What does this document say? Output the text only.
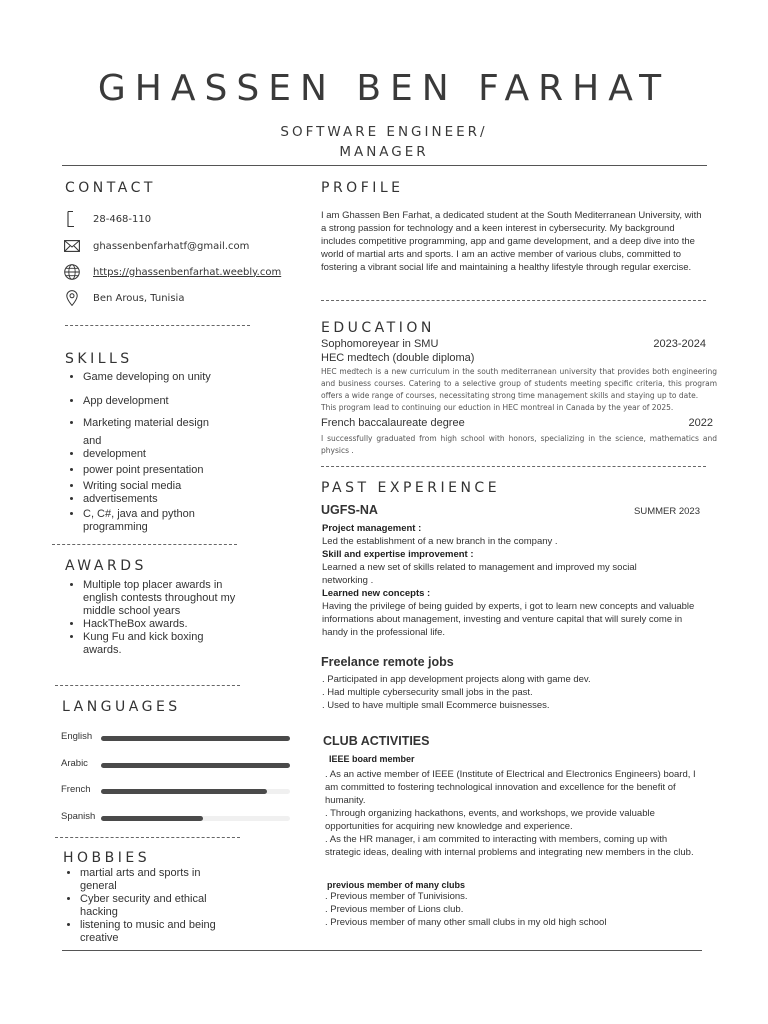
GHASSEN BEN FARHAT
SOFTWARE ENGINEER/
MANAGER
CONTACT
28-468-110
ghassenbenfarhatf@gmail.com
https://ghassenbenfarhat.weebly.com
Ben Arous, Tunisia
SKILLS
• Game developing on unity
• App development
• Marketing material design
and
• development
• power point presentation
• Writing social media
• advertisements
• C, C#, java and python programming
AWARDS
• Multiple top placer awards in english contests throughout my middle school years
• HackTheBox awards.
• Kung Fu and kick boxing awards.
LANGUAGES
English
Arabic
French
Spanish
HOBBIES
• martial arts and sports in general
• Cyber security and ethical hacking
• listening to music and being creative
PROFILE
I am Ghassen Ben Farhat, a dedicated student at the South Mediterranean University, with a strong passion for technology and a keen interest in cybersecurity. My background includes competitive programming, app and game development, and a deep dive into the world of martial arts and sports. I am an active member of various clubs, committed to fostering a vibrant social life and maintaining a healthy lifestyle through regular exercise.
EDUCATION
Sophomoreyear in SMU	2023-2024
HEC medtech (double diploma)
HEC medtech is a new curriculum in the south mediterranean university that provides both engineering and business courses. Catering to a selective group of students meeting specific criteria, this program offers a wide range of courses, necessitating strong time management skills and staying up to date.
This program lead to continuing our eduction in HEC montreal in Canada by the year of 2025.
French baccalaureate degree	2022
I successfully graduated from high school with honors, specializing in the science, mathematics and physics .
PAST EXPERIENCE
UGFS-NA	SUMMER 2023
Project management :
Led the establishment of a new branch in the company .
Skill and expertise improvement :
Learned a new set of skills related to management and improved my social networking .
Learned new concepts :
Having the privilege of being guided by experts, i got to learn new concepts and valuable informations about management, investing and venture capital that will surely come in handy in the professional life.
Freelance remote jobs
. Participated in app development projects along with game dev.
. Had multiple cybersecurity small jobs in the past.
. Used to have multiple small Ecommerce buisnesses.
CLUB ACTIVITIES
IEEE board member
. As an active member of IEEE (Institute of Electrical and Electronics Engineers) board, I am committed to fostering technological innovation and excellence for the benefit of humanity.
. Through organizing hackathons, events, and workshops, we provide valuable opportunities for acquiring new knowledge and experience.
. As the HR manager, i am commited to interacting with members, coming up with strategic ideas, dealing with internal problems and integrating new members in the club.
previous member of many clubs
. Previous member of Tunivisions.
. Previous member of Lions club.
. Previous member of many other small clubs in my old high school
